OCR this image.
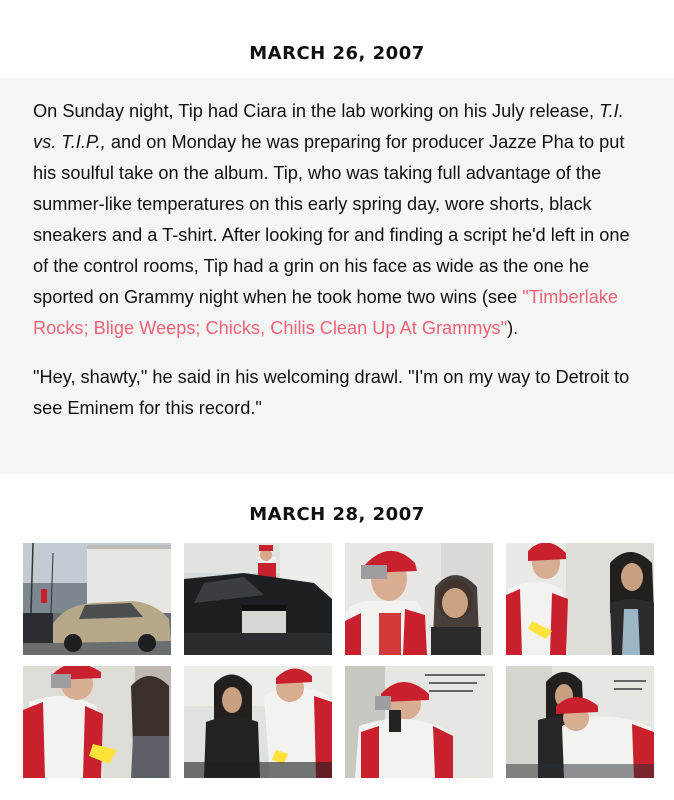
MARCH 26, 2007

On Sunday night, Tip had Ciara in the lab working on his July release, T.I. vs. T.I.P., and on Monday he was preparing for producer Jazze Pha to put his soulful take on the album. Tip, who was taking full advantage of the summer-like temperatures on this early spring day, wore shorts, black sneakers and a T-shirt. After looking for and finding a script he'd left in one of the control rooms, Tip had a grin on his face as wide as the one he sported on Grammy night when he took home two wins (see "Timberlake Rocks; Blige Weeps; Chicks, Chilis Clean Up At Grammys").

"Hey, shawty," he said in his welcoming drawl. "I'm on my way to Detroit to see Eminem for this record."

MARCH 28, 2007
